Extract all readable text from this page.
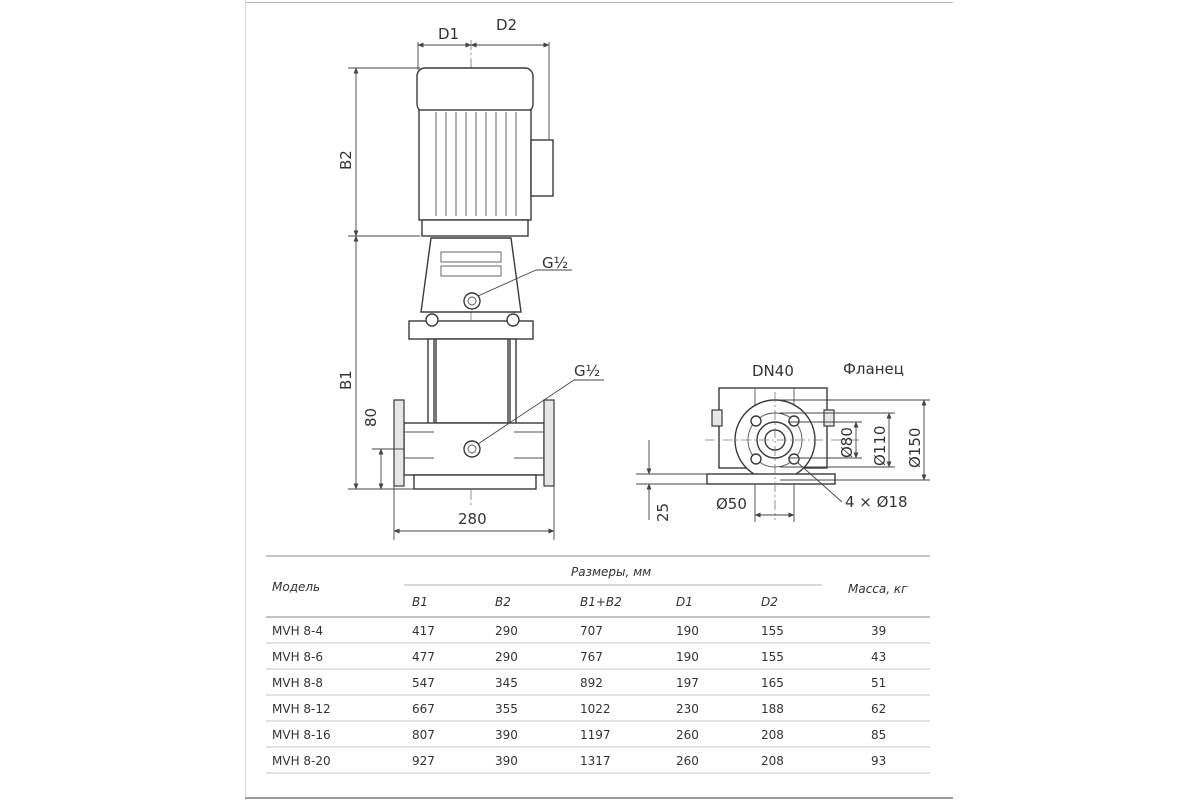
D1 D2
B2
B1
80
280
G½
G½	DN40	Фланец
Ø80 Ø110 Ø150
Ø50
25
4 × Ø18
Модель
Размеры, мм
Масса, кг
B1	B2	B1+B2	D1	D2
MVH 8-4	417	290	707	190	155	39
MVH 8-6	477	290	767	190	155	43
MVH 8-8	547	345	892	197	165	51
MVH 8-12	667	355	1022	230	188	62
MVH 8-16	807	390	1197	260	208	85
MVH 8-20	927	390	1317	260	208	93
